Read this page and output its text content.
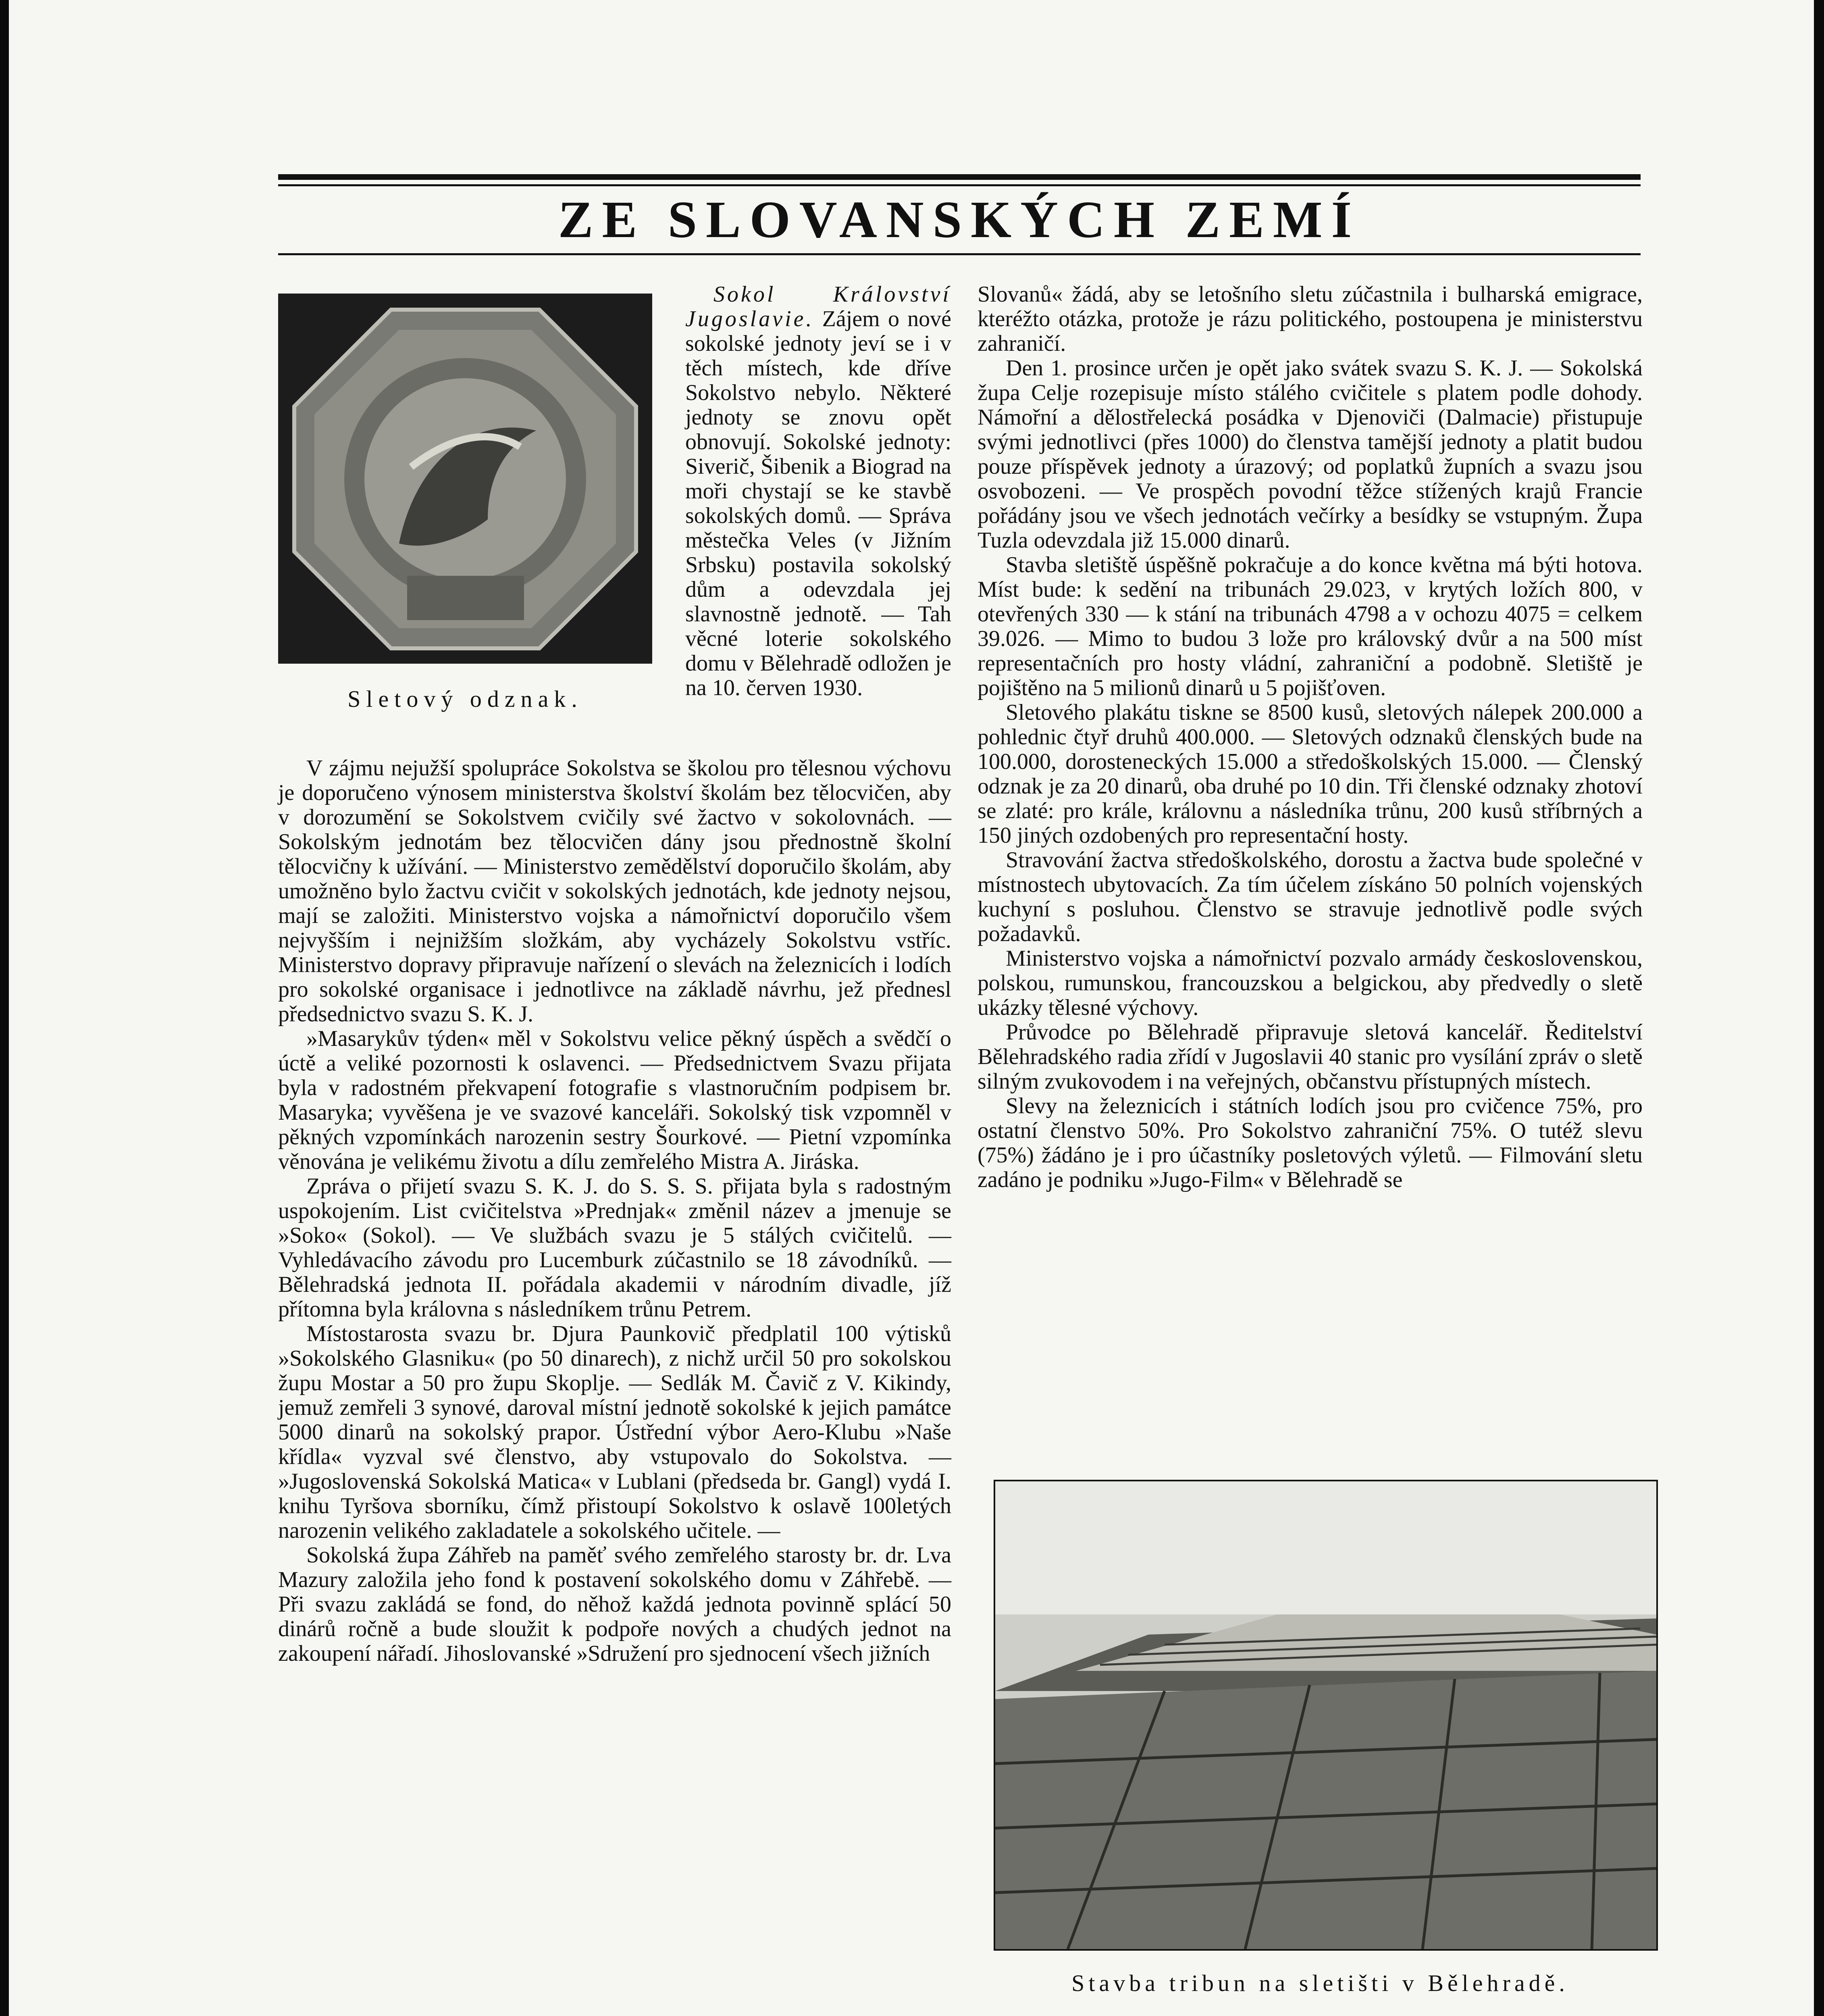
ZE SLOVANSKÝCH ZEMÍ
Sletový odznak.

Sokol Království Jugoslavie. Zájem o nové sokolské jednoty jeví se i v těch místech, kde dříve Sokolstvo nebylo. Některé jednoty se znovu opět obnovují. Sokolské jednoty: Siverič, Šibenik a Biograd na moři chystají se ke stavbě sokolských domů. — Správa městečka Veles (v Jižním Srbsku) postavila sokolský dům a odevzdala jej slavnostně jednotě. — Tah věcné loterie sokolského domu v Bělehradě odložen je na 10. červen 1930.

V zájmu nejužší spolupráce Sokolstva se školou pro tělesnou výchovu je doporučeno výnosem ministerstva školství školám bez tělocvičen, aby v dorozumění se Sokolstvem cvičily své žactvo v sokolovnách. — Sokolským jednotám bez tělocvičen dány jsou přednostně školní tělocvičny k užívání. — Ministerstvo zemědělství doporučilo školám, aby umožněno bylo žactvu cvičit v sokolských jednotách, kde jednoty nejsou, mají se založiti. Ministerstvo vojska a námořnictví doporučilo všem nejvyšším i nejnižším složkám, aby vycházely Sokolstvu vstříc. Ministerstvo dopravy připravuje nařízení o slevách na železnicích i lodích pro sokolské organisace i jednotlivce na základě návrhu, jež přednesl předsednictvo svazu S. K. J.

»Masarykův týden« měl v Sokolstvu velice pěkný úspěch a svědčí o úctě a veliké pozornosti k oslavenci. — Předsednictvem Svazu přijata byla v radostném překvapení fotografie s vlastnoručním podpisem br. Masaryka; vyvěšena je ve svazové kanceláři. Sokolský tisk vzpomněl v pěkných vzpomínkách narozenin sestry Šourkové. — Pietní vzpomínka věnována je velikému životu a dílu zemřelého Mistra A. Jiráska.

Zpráva o přijetí svazu S. K. J. do S. S. S. přijata byla s radostným uspokojením. List cvičitelstva »Prednjak« změnil název a jmenuje se »Soko« (Sokol). — Ve službách svazu je 5 stálých cvičitelů. — Vyhledávacího závodu pro Lucemburk zúčastnilo se 18 závodníků. — Bělehradská jednota II. pořádala akademii v národním divadle, jíž přítomna byla královna s následníkem trůnu Petrem.

Místostarosta svazu br. Djura Paunkovič předplatil 100 výtisků »Sokolského Glasniku« (po 50 dinarech), z nichž určil 50 pro sokolskou župu Mostar a 50 pro župu Skoplje. — Sedlák M. Čavič z V. Kikindy, jemuž zemřeli 3 synové, daroval místní jednotě sokolské k jejich památce 5000 dinarů na sokolský prapor. Ústřední výbor Aero-Klubu »Naše křídla« vyzval své členstvo, aby vstupovalo do Sokolstva. — »Jugoslovenská Sokolská Matica« v Lublani (předseda br. Gangl) vydá I. knihu Tyršova sborníku, čímž přistoupí Sokolstvo k oslavě 100letých narozenin velikého zakladatele a sokolského učitele. —

Sokolská župa Záhřeb na paměť svého zemřelého starosty br. dr. Lva Mazury založila jeho fond k postavení sokolského domu v Záhřebě. — Při svazu zakládá se fond, do něhož každá jednota povinně splácí 50 dinárů ročně a bude sloužit k podpoře nových a chudých jednot na zakoupení nářadí. Jihoslovanské »Sdružení pro sjednocení všech jižních

Slovanů« žádá, aby se letošního sletu zúčastnila i bulharská emigrace, kteréžto otázka, protože je rázu politického, postoupena je ministerstvu zahraničí.

Den 1. prosince určen je opět jako svátek svazu S. K. J. — Sokolská župa Celje rozepisuje místo stálého cvičitele s platem podle dohody. Námořní a dělostřelecká posádka v Djenoviči (Dalmacie) přistupuje svými jednotlivci (přes 1000) do členstva tamější jednoty a platit budou pouze příspěvek jednoty a úrazový; od poplatků župních a svazu jsou osvobozeni. — Ve prospěch povodní těžce stížených krajů Francie pořádány jsou ve všech jednotách večírky a besídky se vstupným. Župa Tuzla odevzdala již 15.000 dinarů.

Stavba sletiště úspěšně pokračuje a do konce května má býti hotova. Míst bude: k sedění na tribunách 29.023, v krytých ložích 800, v otevřených 330 — k stání na tribunách 4798 a v ochozu 4075 = celkem 39.026. — Mimo to budou 3 lože pro královský dvůr a na 500 míst representačních pro hosty vládní, zahraniční a podobně. Sletiště je pojištěno na 5 milionů dinarů u 5 pojišťoven.

Sletového plakátu tiskne se 8500 kusů, sletových nálepek 200.000 a pohlednic čtyř druhů 400.000. — Sletových odznaků členských bude na 100.000, dorosteneckých 15.000 a středoškolských 15.000. — Členský odznak je za 20 dinarů, oba druhé po 10 din. Tři členské odznaky zhotoví se zlaté: pro krále, královnu a následníka trůnu, 200 kusů stříbrných a 150 jiných ozdobených pro representační hosty.

Stravování žactva středoškolského, dorostu a žactva bude společné v místnostech ubytovacích. Za tím účelem získáno 50 polních vojenských kuchyní s posluhou. Členstvo se stravuje jednotlivě podle svých požadavků.

Ministerstvo vojska a námořnictví pozvalo armády československou, polskou, rumunskou, francouzskou a belgickou, aby předvedly o sletě ukázky tělesné výchovy.

Průvodce po Bělehradě připravuje sletová kancelář. Ředitelství Bělehradského radia zřídí v Jugoslavii 40 stanic pro vysílání zpráv o sletě silným zvukovodem i na veřejných, občanstvu přístupných místech.

Slevy na železnicích i státních lodích jsou pro cvičence 75%, pro ostatní členstvo 50%. Pro Sokolstvo zahraniční 75%. O tutéž slevu (75%) žádáno je i pro účastníky posletových výletů. — Filmování sletu zadáno je podniku »Jugo-Film« v Bělehradě se

Stavba tribun na sletišti v Bělehradě.
